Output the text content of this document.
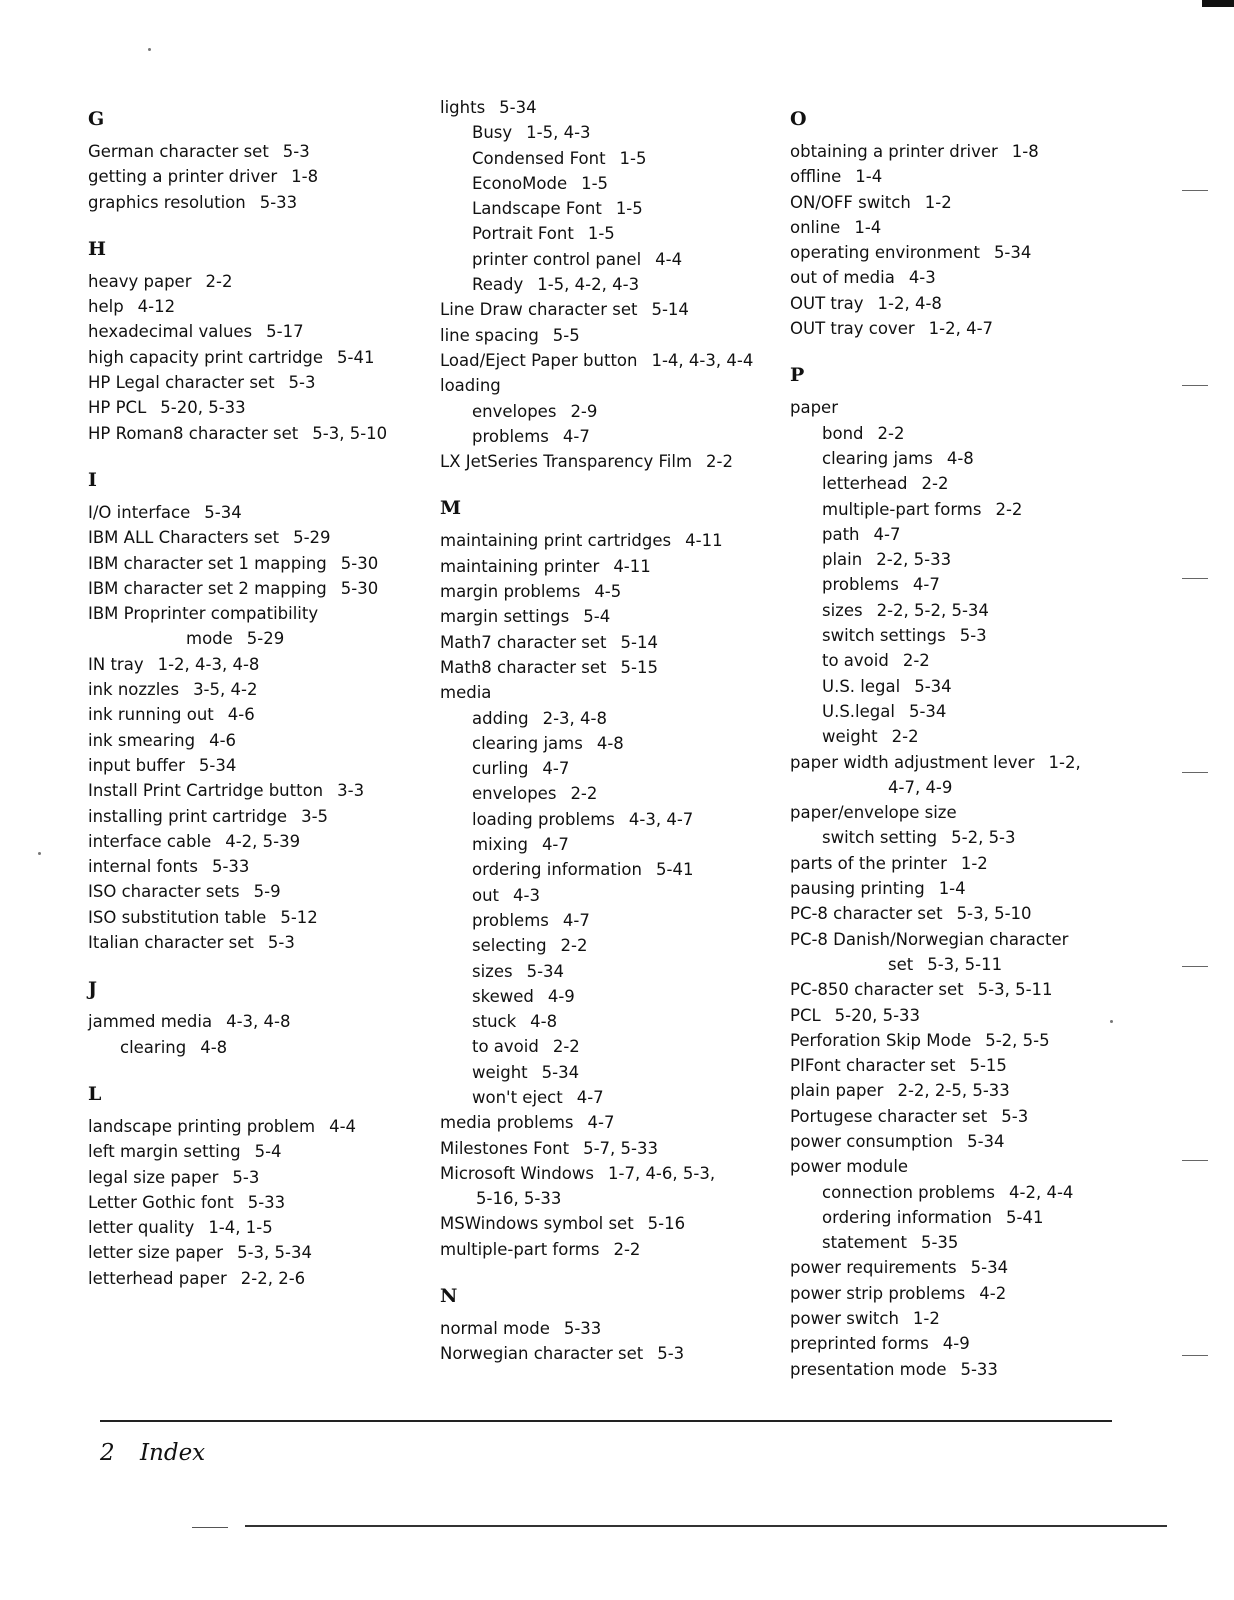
G
German character set 5-3
getting a printer driver 1-8
graphics resolution 5-33
H
heavy paper 2-2
help 4-12
hexadecimal values 5-17
high capacity print cartridge 5-41
HP Legal character set 5-3
HP PCL 5-20, 5-33
HP Roman8 character set 5-3, 5-10
I
I/O interface 5-34
IBM ALL Characters set 5-29
IBM character set 1 mapping 5-30
IBM character set 2 mapping 5-30
IBM Proprinter compatibility
mode 5-29
IN tray 1-2, 4-3, 4-8
ink nozzles 3-5, 4-2
ink running out 4-6
ink smearing 4-6
input buffer 5-34
Install Print Cartridge button 3-3
installing print cartridge 3-5
interface cable 4-2, 5-39
internal fonts 5-33
ISO character sets 5-9
ISO substitution table 5-12
Italian character set 5-3
J
jammed media 4-3, 4-8
clearing 4-8
L
landscape printing problem 4-4
left margin setting 5-4
legal size paper 5-3
Letter Gothic font 5-33
letter quality 1-4, 1-5
letter size paper 5-3, 5-34
letterhead paper 2-2, 2-6
lights 5-34
Busy 1-5, 4-3
Condensed Font 1-5
EconoMode 1-5
Landscape Font 1-5
Portrait Font 1-5
printer control panel 4-4
Ready 1-5, 4-2, 4-3
Line Draw character set 5-14
line spacing 5-5
Load/Eject Paper button 1-4, 4-3, 4-4
loading
envelopes 2-9
problems 4-7
LX JetSeries Transparency Film 2-2
M
maintaining print cartridges 4-11
maintaining printer 4-11
margin problems 4-5
margin settings 5-4
Math7 character set 5-14
Math8 character set 5-15
media
adding 2-3, 4-8
clearing jams 4-8
curling 4-7
envelopes 2-2
loading problems 4-3, 4-7
mixing 4-7
ordering information 5-41
out 4-3
problems 4-7
selecting 2-2
sizes 5-34
skewed 4-9
stuck 4-8
to avoid 2-2
weight 5-34
won't eject 4-7
media problems 4-7
Milestones Font 5-7, 5-33
Microsoft Windows 1-7, 4-6, 5-3,
5-16, 5-33
MSWindows symbol set 5-16
multiple-part forms 2-2
N
normal mode 5-33
Norwegian character set 5-3
O
obtaining a printer driver 1-8
offline 1-4
ON/OFF switch 1-2
online 1-4
operating environment 5-34
out of media 4-3
OUT tray 1-2, 4-8
OUT tray cover 1-2, 4-7
P
paper
bond 2-2
clearing jams 4-8
letterhead 2-2
multiple-part forms 2-2
path 4-7
plain 2-2, 5-33
problems 4-7
sizes 2-2, 5-2, 5-34
switch settings 5-3
to avoid 2-2
U.S. legal 5-34
U.S.legal 5-34
weight 2-2
paper width adjustment lever 1-2,
4-7, 4-9
paper/envelope size
switch setting 5-2, 5-3
parts of the printer 1-2
pausing printing 1-4
PC-8 character set 5-3, 5-10
PC-8 Danish/Norwegian character
set 5-3, 5-11
PC-850 character set 5-3, 5-11
PCL 5-20, 5-33
Perforation Skip Mode 5-2, 5-5
PIFont character set 5-15
plain paper 2-2, 2-5, 5-33
Portugese character set 5-3
power consumption 5-34
power module
connection problems 4-2, 4-4
ordering information 5-41
statement 5-35
power requirements 5-34
power strip problems 4-2
power switch 1-2
preprinted forms 4-9
presentation mode 5-33
2 Index
